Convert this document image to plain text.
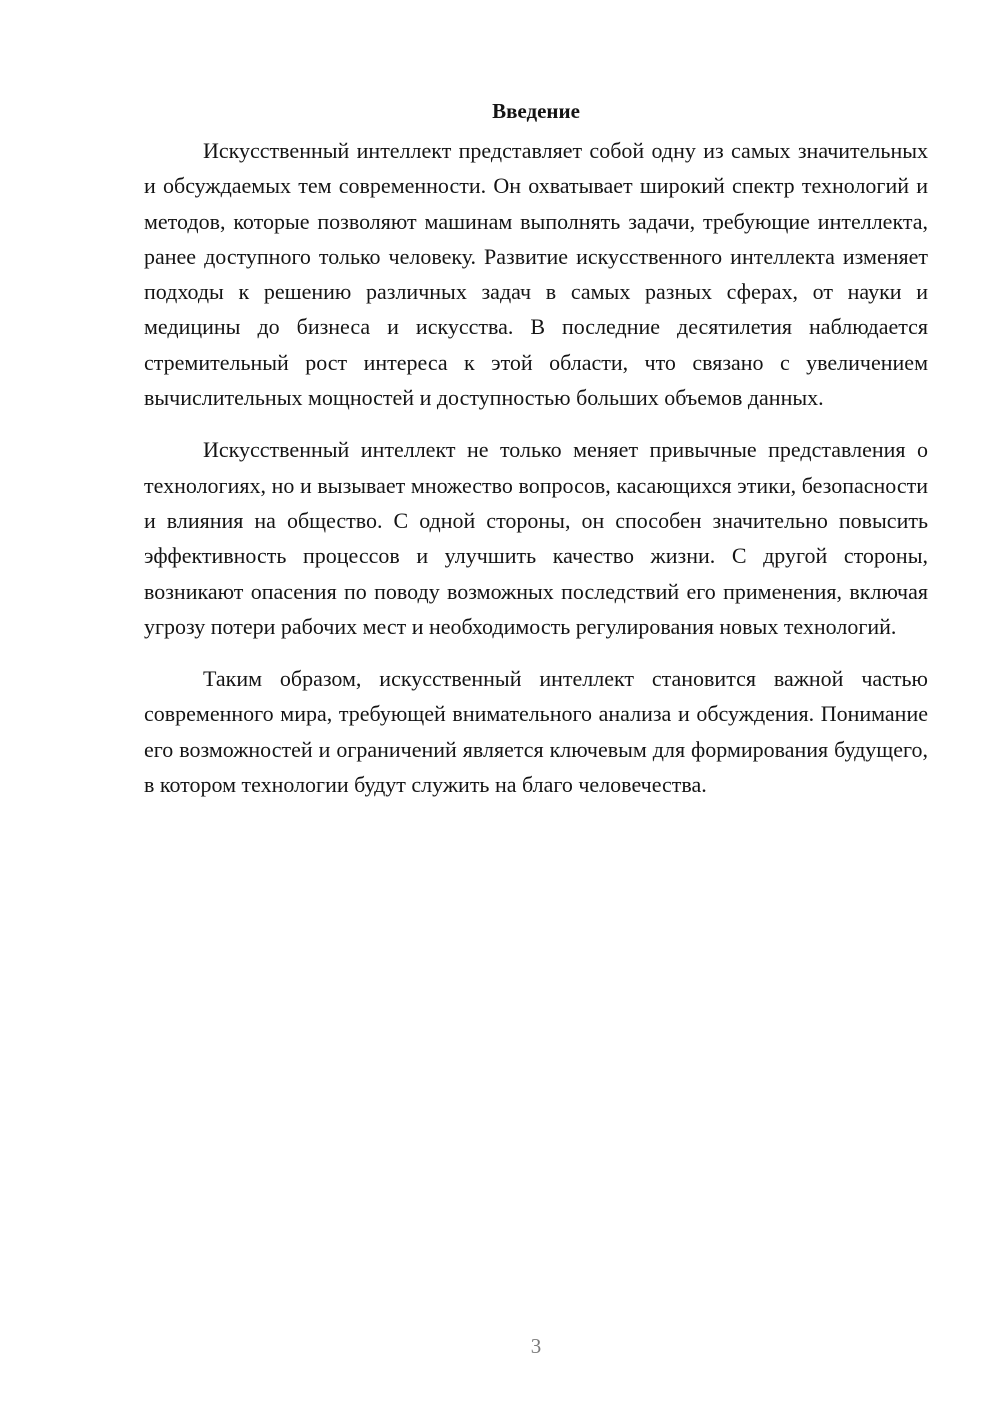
Введение

Искусственный интеллект представляет собой одну из самых значительных и обсуждаемых тем современности. Он охватывает широкий спектр технологий и методов, которые позволяют машинам выполнять задачи, требующие интеллекта, ранее доступного только человеку. Развитие искусственного интеллекта изменяет подходы к решению различных задач в самых разных сферах, от науки и медицины до бизнеса и искусства. В последние десятилетия наблюдается стремительный рост интереса к этой области, что связано с увеличением вычислительных мощностей и доступностью больших объемов данных.

Искусственный интеллект не только меняет привычные представления о технологиях, но и вызывает множество вопросов, касающихся этики, безопасности и влияния на общество. С одной стороны, он способен значительно повысить эффективность процессов и улучшить качество жизни. С другой стороны, возникают опасения по поводу возможных последствий его применения, включая угрозу потери рабочих мест и необходимость регулирования новых технологий.

Таким образом, искусственный интеллект становится важной частью современного мира, требующей внимательного анализа и обсуждения. Понимание его возможностей и ограничений является ключевым для формирования будущего, в котором технологии будут служить на благо человечества.

3
